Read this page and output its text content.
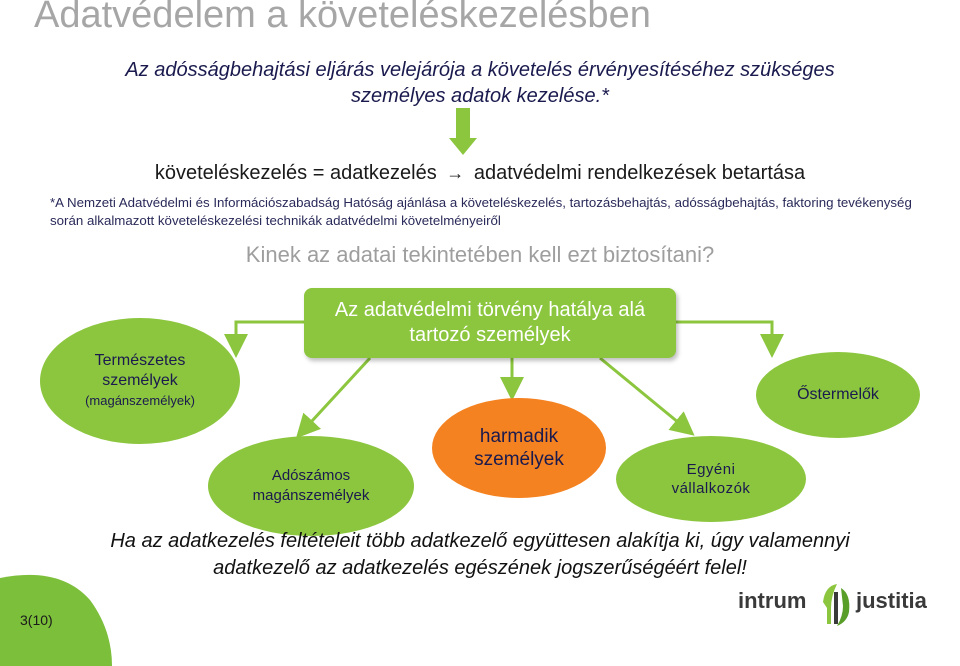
Adatvédelem a követeléskezelésben
Az adósságbehajtási eljárás velejárója a követelés érvényesítéséhez szükséges személyes adatok kezelése.*
követeléskezelés = adatkezelés → adatvédelmi rendelkezések betartása
*A Nemzeti Adatvédelmi és Információszabadság Hatóság ajánlása a követeléskezelés, tartozásbehajtás, adósságbehajtás, faktoring tevékenység során alkalmazott követeléskezelési technikák adatvédelmi követelményeiről
Kinek az adatai tekintetében kell ezt biztosítani?
Az adatvédelmi törvény hatálya alá
tartozó személyek
Természetes
személyek
(magánszemélyek)
Adószámos
magánszemélyek
harmadik
személyek	Egyéni
vállalkozók
Őstermelők
Ha az adatkezelés feltételeit több adatkezelő együttesen alakítja ki, úgy valamennyi adatkezelő az adatkezelés egészének jogszerűségéért felel!
3(10)
intrum justitia
